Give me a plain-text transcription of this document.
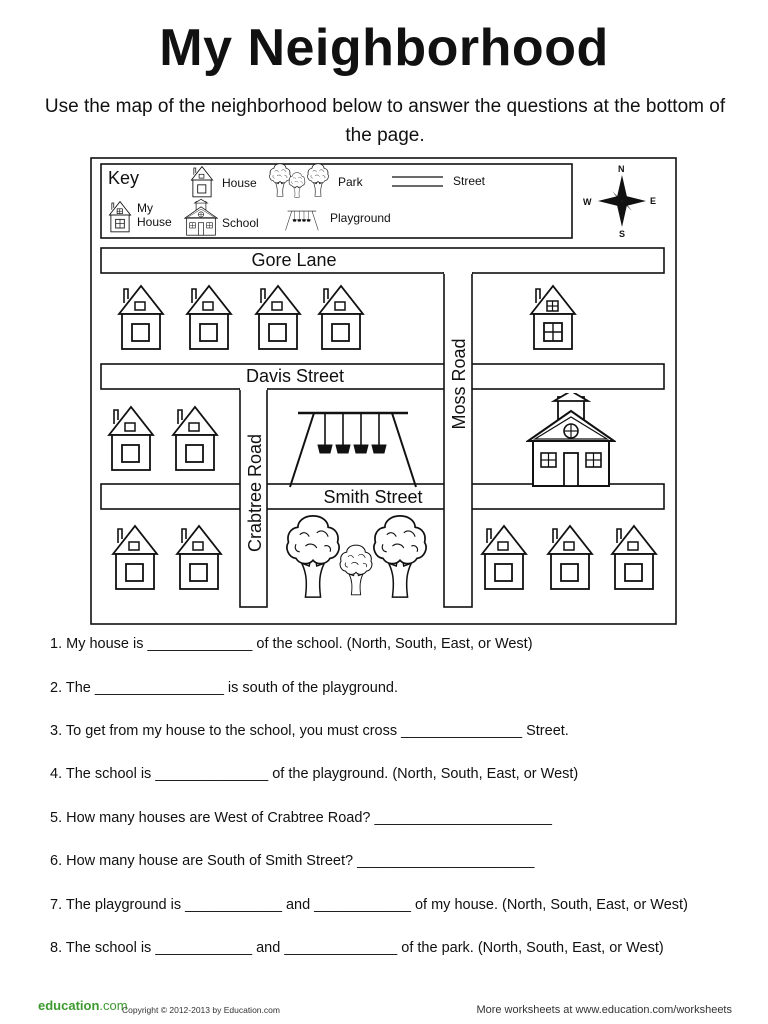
My Neighborhood
Use the map of the neighborhood below to answer the questions at the bottom of the page.
Key	House	Park	Street
My
House	School	Playground
N
S
E
W
Gore Lane
Davis Street
Smith Street
Moss Road
Crabtree Road
1. My house is _____________ of the school. (North, South, East, or West)
2. The ________________ is south of the playground.
3. To get from my house to the school, you must cross _______________ Street.
4. The school is ______________ of the playground. (North, South, East, or West)
5. How many houses are West of Crabtree Road? ______________________
6. How many house are South of Smith Street? ______________________
7. The playground is ____________ and ____________ of my house. (North, South, East, or West)
8. The school is ____________ and ______________ of the park. (North, South, East, or West)
education.com
Copyright © 2012-2013 by Education.com	More worksheets at www.education.com/worksheets
